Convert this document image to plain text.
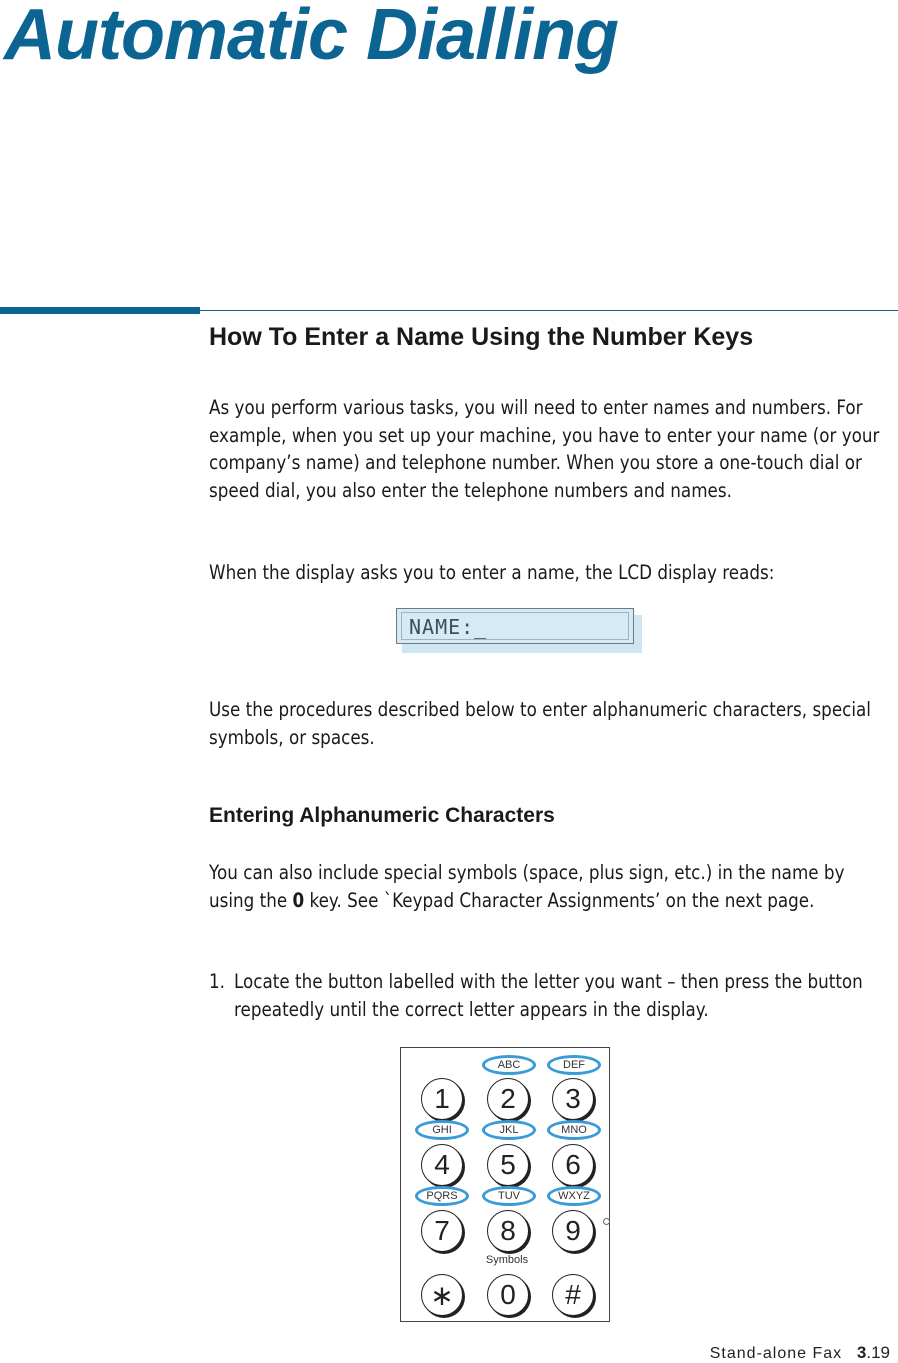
Automatic Dialling
How To Enter a Name Using the Number Keys

As you perform various tasks, you will need to enter names and numbers. For example, when you set up your machine, you have to enter your name (or your company’s name) and telephone number. When you store a one-touch dial or speed dial, you also enter the telephone numbers and names.

When the display asks you to enter a name, the LCD display reads:

NAME:_

Use the procedures described below to enter alphanumeric characters, special symbols, or spaces.

Entering Alphanumeric Characters

You can also include special symbols (space, plus sign, etc.) in the name by using the 0 key. See `Keypad Character Assignments’ on the next page.

1. Locate the button labelled with the letter you want – then press the button repeatedly until the correct letter appears in the display.
ABC	DEF
1	2	3
GHI	JKL	MNO
4	5	6
PQRS	TUV	WXYZ
7	8	9
Symbols
∗	0	#
Stand-alone Fax 3.19
